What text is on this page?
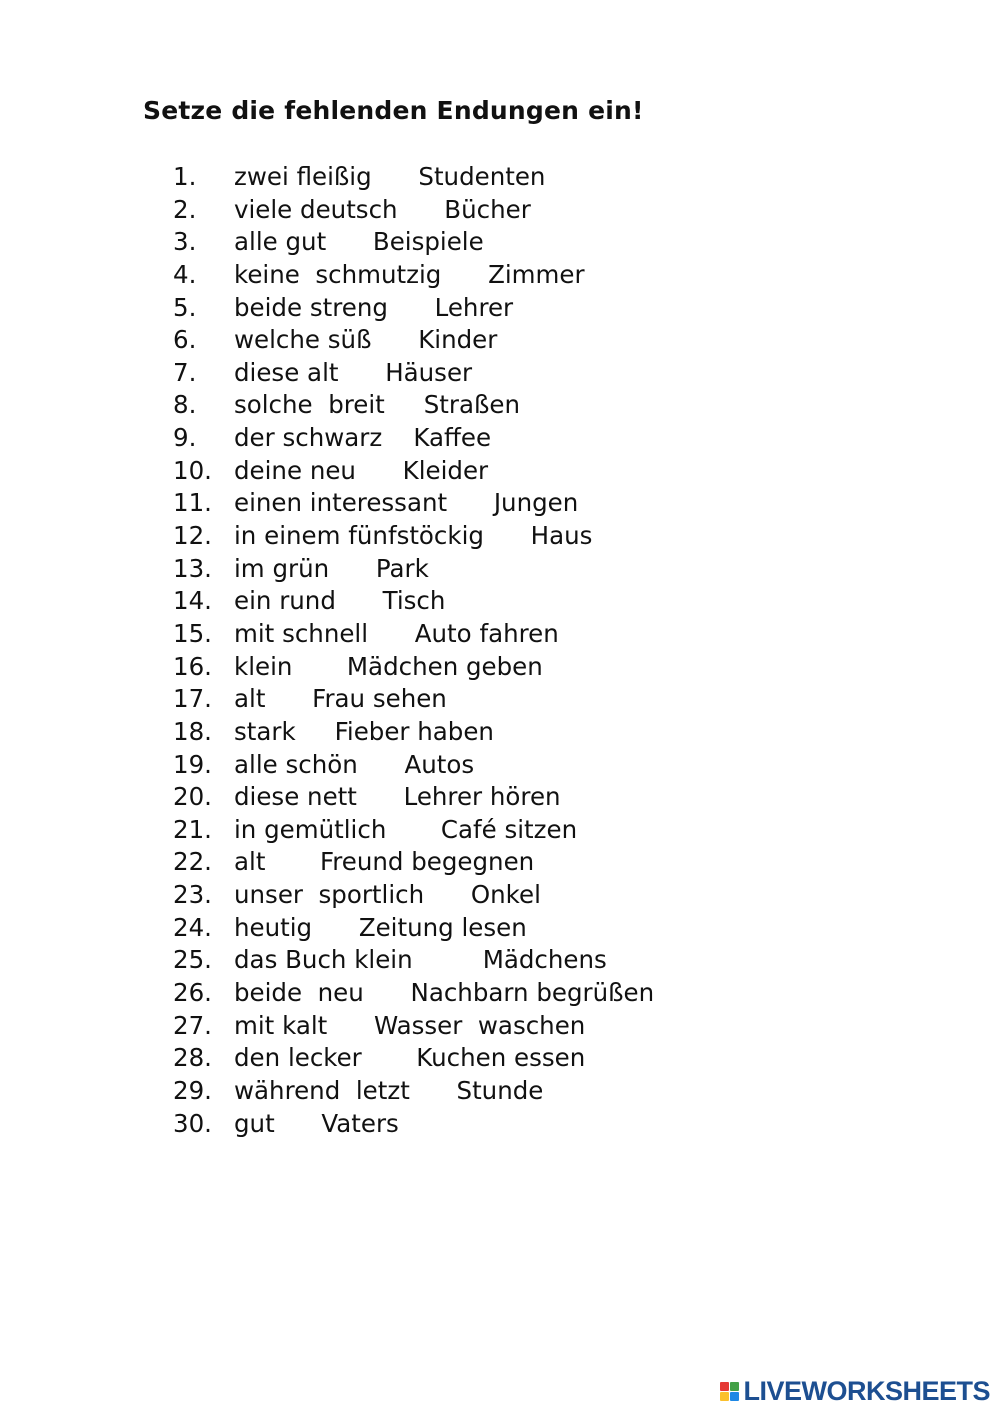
Setze die fehlenden Endungen ein!
1. zwei fleißig      Studenten
2. viele deutsch      Bücher
3. alle gut      Beispiele
4. keine  schmutzig      Zimmer
5. beide streng      Lehrer
6. welche süß      Kinder
7. diese alt      Häuser
8. solche  breit     Straßen
9. der schwarz    Kaffee
10. deine neu      Kleider
11. einen interessant      Jungen
12. in einem fünfstöckig      Haus
13. im grün      Park
14. ein rund      Tisch
15. mit schnell      Auto fahren
16. klein       Mädchen geben
17. alt      Frau sehen
18. stark     Fieber haben
19. alle schön      Autos
20. diese nett      Lehrer hören
21. in gemütlich       Café sitzen
22. alt       Freund begegnen
23. unser  sportlich      Onkel
24. heutig      Zeitung lesen
25. das Buch klein         Mädchens
26. beide  neu      Nachbarn begrüßen
27. mit kalt      Wasser  waschen
28. den lecker       Kuchen essen
29. während  letzt      Stunde
30. gut      Vaters
LIVEWORKSHEETS
